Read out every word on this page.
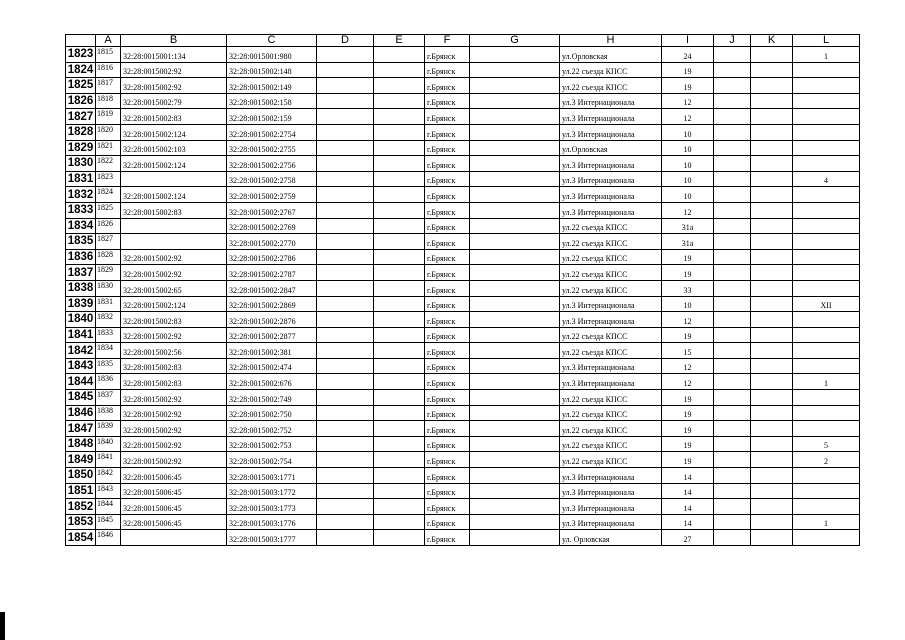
	A	B	C	D	E	F	G	H	I	J	K	L
1823	1815	32:28:0015001:134	32:28:0015001:980			г.Брянск		ул.Орловская	24			1
1824	1816	32:28:0015002:92	32:28:0015002:148			г.Брянск		ул.22 съезда КПСС	19			
1825	1817	32:28:0015002:92	32:28:0015002:149			г.Брянск		ул.22 съезда КПСС	19			
1826	1818	32:28:0015002:79	32:28:0015002:158			г.Брянск		ул.3 Интернационала	12			
1827	1819	32:28:0015002:83	32:28:0015002:159			г.Брянск		ул.3 Интернационала	12			
1828	1820	32:28:0015002:124	32:28:0015002:2754			г.Брянск		ул.3 Интернационала	10			
1829	1821	32:28:0015002:103	32:28:0015002:2755			г.Брянск		ул.Орловская	10			
1830	1822	32:28:0015002:124	32:28:0015002:2756			г.Брянск		ул.3 Интернационала	10			
1831	1823		32:28:0015002:2758			г.Брянск		ул.3 Интернационала	10			4
1832	1824	32:28:0015002:124	32:28:0015002:2759			г.Брянск		ул.3 Интернационала	10			
1833	1825	32:28:0015002:83	32:28:0015002:2767			г.Брянск		ул.3 Интернационала	12			
1834	1826		32:28:0015002:2769			г.Брянск		ул.22 съезда КПСС	31а			
1835	1827		32:28:0015002:2770			г.Брянск		ул.22 съезда КПСС	31а			
1836	1828	32:28:0015002:92	32:28:0015002:2786			г.Брянск		ул.22 съезда КПСС	19			
1837	1829	32:28:0015002:92	32:28:0015002:2787			г.Брянск		ул.22 съезда КПСС	19			
1838	1830	32:28:0015002:65	32:28:0015002:2847			г.Брянск		ул.22 съезда КПСС	33			
1839	1831	32:28:0015002:124	32:28:0015002:2869			г.Брянск		ул.3 Интернационала	10			XII
1840	1832	32:28:0015002:83	32:28:0015002:2876			г.Брянск		ул.3 Интернационала	12			
1841	1833	32:28:0015002:92	32:28:0015002:2877			г.Брянск		ул.22 съезда КПСС	19			
1842	1834	32:28:0015002:56	32:28:0015002:381			г.Брянск		ул.22 съезда КПСС	15			
1843	1835	32:28:0015002:83	32:28:0015002:474			г.Брянск		ул.3 Интернационала	12			
1844	1836	32:28:0015002:83	32:28:0015002:676			г.Брянск		ул.3 Интернационала	12			1
1845	1837	32:28:0015002:92	32:28:0015002:749			г.Брянск		ул.22 съезда КПСС	19			
1846	1838	32:28:0015002:92	32:28:0015002:750			г.Брянск		ул.22 съезда КПСС	19			
1847	1839	32:28:0015002:92	32:28:0015002:752			г.Брянск		ул.22 съезда КПСС	19			
1848	1840	32:28:0015002:92	32:28:0015002:753			г.Брянск		ул.22 съезда КПСС	19			5
1849	1841	32:28:0015002:92	32:28:0015002:754			г.Брянск		ул.22 съезда КПСС	19			2
1850	1842	32:28:0015006:45	32:28:0015003:1771			г.Брянск		ул.3 Интернационала	14			
1851	1843	32:28:0015006:45	32:28:0015003:1772			г.Брянск		ул.3 Интернационала	14			
1852	1844	32:28:0015006:45	32:28:0015003:1773			г.Брянск		ул.3 Интернационала	14			
1853	1845	32:28:0015006:45	32:28:0015003:1776			г.Брянск		ул.3 Интернационала	14			1
1854	1846		32:28:0015003:1777			г.Брянск		ул. Орловская	27			
